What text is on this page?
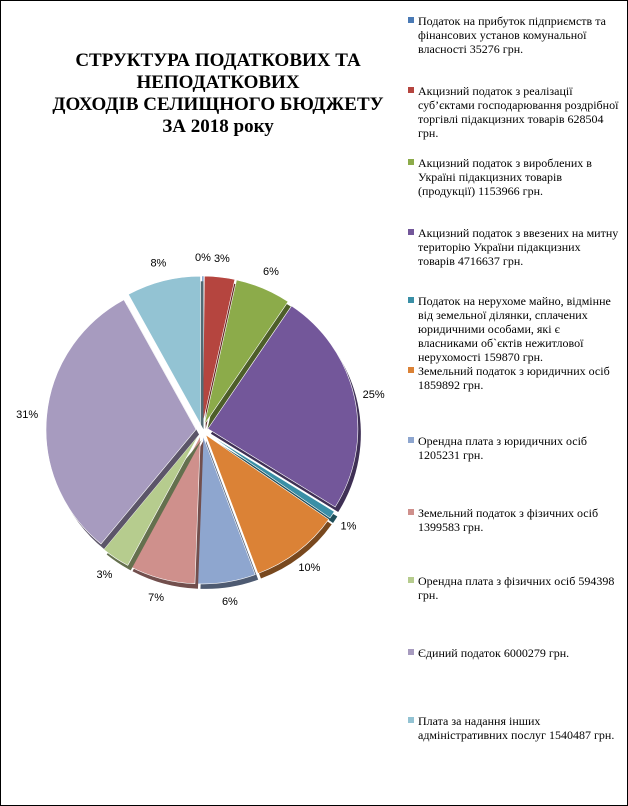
СТРУКТУРА ПОДАТКОВИХ ТА
НЕПОДАТКОВИХ
ДОХОДІВ СЕЛИЩНОГО БЮДЖЕТУ
ЗА 2018 року
0% 3%
6%
25%
1%
10%
6%
7%
3%
31%
8%
Податок на прибуток підприємств та фінансових установ комунальної власності 35276 грн.
Акцизний податок з реалізації суб’єктами господарювання роздрібної торгівлі підакцизних товарів 628504 грн.
Акцизний податок з вироблених в Україні підакцизних товарів (продукції) 1153966 грн.
Акцизний податок з ввезених на митну територію України підакцизних товарів 4716637 грн.
Податок на нерухоме майно, відмінне від земельної ділянки, сплачених юридичними особами, які є власниками об`єктів нежитлової нерухомості 159870 грн.
Земельний податок з юридичних осіб 1859892 грн.
Орендна плата з юридичних осіб 1205231 грн.
Земельний податок з фізичних осіб 1399583 грн.
Орендна плата з фізичних осіб 594398 грн.
Єдиний податок 6000279 грн.
Плата за надання інших адміністративних послуг 1540487 грн.
